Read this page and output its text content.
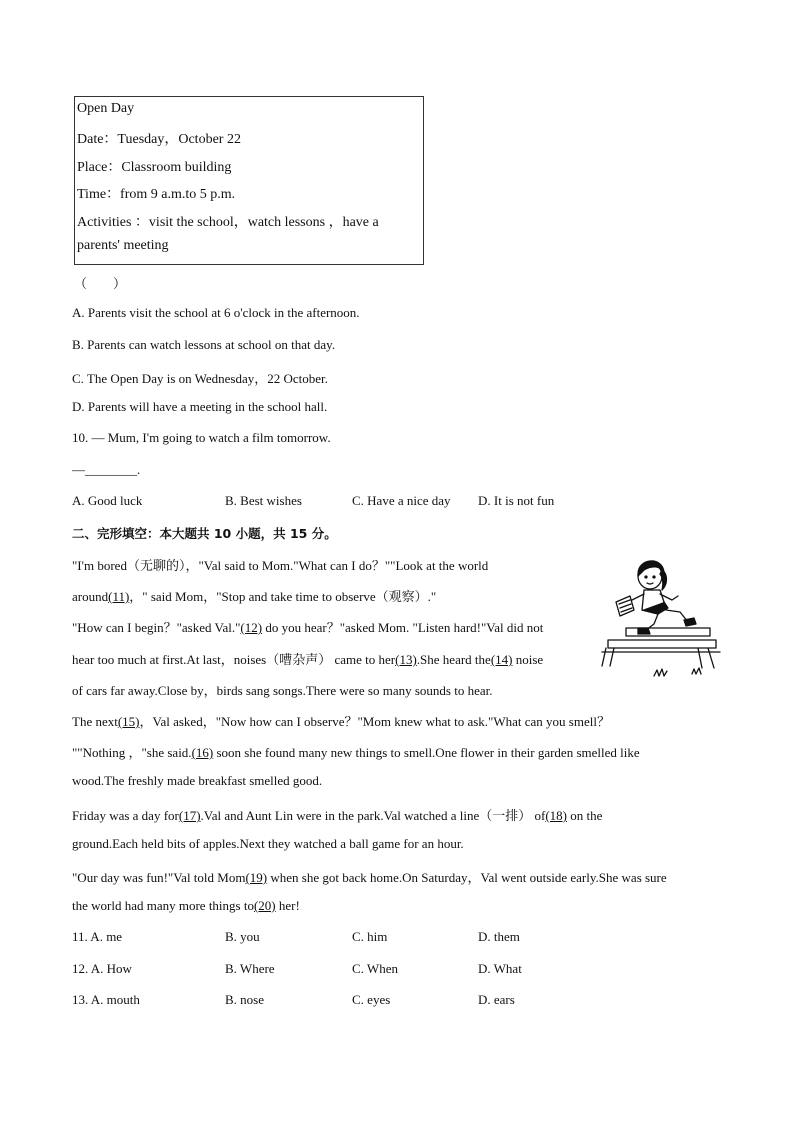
Open Day
Date：Tuesday，October 22
Place：Classroom building
Time：from 9 a.m.to 5 p.m.
Activities ：visit the school，watch lessons ，have a
parents' meeting
（　　）
A. Parents visit the school at 6 o'clock in the afternoon.
B. Parents can watch lessons at school on that day.
C. The Open Day is on Wednesday，22 October.
D. Parents will have a meeting in the school hall.
10. — Mum, I'm going to watch a film tomorrow.
—________.
A. Good luck	B. Best wishes	C. Have a nice day D. It is not fun
二、完形填空：本大题共 10 小题，共 15 分。
"I'm bored（无聊的），"Val said to Mom."What can I do？""Look at the world
around(11)，" said Mom，"Stop and take time to observe（观察）."
"How can I begin？"asked Val."(12) do you hear？"asked Mom. "Listen hard!"Val did not
hear too much at first.At last，noises（嘈杂声） came to her(13).She heard the(14) noise
of cars far away.Close by，birds sang songs.There were so many sounds to hear.
The next(15)，Val asked，"Now how can I observe？"Mom knew what to ask."What can you smell？
""Nothing ，"she said.(16) soon she found many new things to smell.One flower in their garden smelled like
wood.The freshly made breakfast smelled good.
Friday was a day for(17).Val and Aunt Lin were in the park.Val watched a line（一排） of(18) on the
ground.Each held bits of apples.Next they watched a ball game for an hour.
"Our day was fun!"Val told Mom(19) when she got back home.On Saturday，Val went outside early.She was sure
the world had many more things to(20) her!
11. A. me	B. you	C. him	D. them
12. A. How	B. Where	C. When	D. What
13. A. mouth	B. nose	C. eyes	D. ears
